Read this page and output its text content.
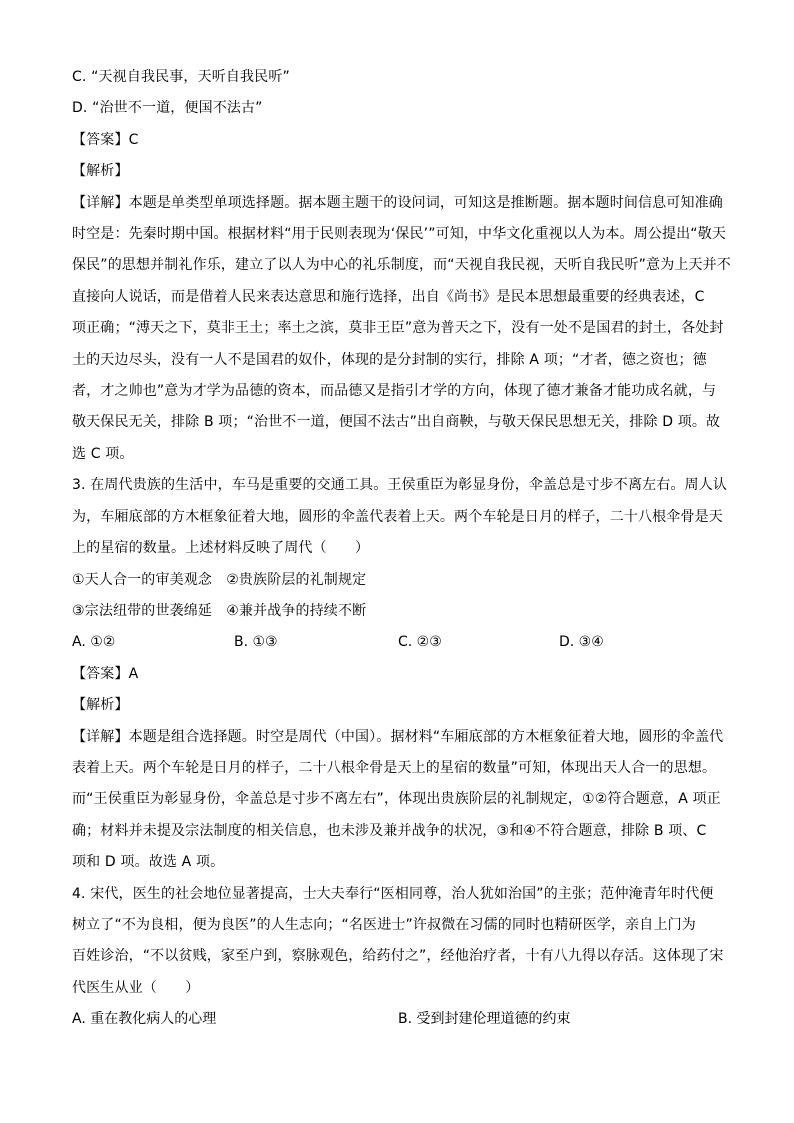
C. “天视自我民事，天听自我民听”
D. “治世不一道，便国不法古”
【答案】C
【解析】
【详解】本题是单类型单项选择题。据本题主题干的设问词，可知这是推断题。据本题时间信息可知准确
时空是：先秦时期中国。根据材料“用于民则表现为‘保民’”可知，中华文化重视以人为本。周公提出“敬天
保民”的思想并制礼作乐，建立了以人为中心的礼乐制度，而“天视自我民视，天听自我民听”意为上天并不
直接向人说话，而是借着人民来表达意思和施行选择，出自《尚书》是民本思想最重要的经典表述，C
项正确；“溥天之下，莫非王土；率土之滨，莫非王臣”意为普天之下，没有一处不是国君的封土，各处封
土的天边尽头，没有一人不是国君的奴仆，体现的是分封制的实行，排除 A 项；“才者，德之资也；德
者，才之帅也”意为才学为品德的资本，而品德又是指引才学的方向，体现了德才兼备才能功成名就，与
敬天保民无关，排除 B 项；“治世不一道，便国不法古”出自商鞅，与敬天保民思想无关，排除 D 项。故
选 C 项。
3. 在周代贵族的生活中，车马是重要的交通工具。王侯重臣为彰显身份，伞盖总是寸步不离左右。周人认
为，车厢底部的方木框象征着大地，圆形的伞盖代表着上天。两个车轮是日月的样子，二十八根伞骨是天
上的星宿的数量。上述材料反映了周代（　　）
①天人合一的审美观念　②贵族阶层的礼制规定
③宗法纽带的世袭绵延　④兼并战争的持续不断
A. ①②	B. ①③	C. ②③	D. ③④
【答案】A
【解析】
【详解】本题是组合选择题。时空是周代（中国）。据材料“车厢底部的方木框象征着大地，圆形的伞盖代
表着上天。两个车轮是日月的样子，二十八根伞骨是天上的星宿的数量”可知，体现出天人合一的思想。
而“王侯重臣为彰显身份，伞盖总是寸步不离左右”，体现出贵族阶层的礼制规定，①②符合题意，A 项正
确；材料并未提及宗法制度的相关信息，也未涉及兼并战争的状况，③和④不符合题意，排除 B 项、C
项和 D 项。故选 A 项。
4. 宋代，医生的社会地位显著提高，士大夫奉行“医相同尊，治人犹如治国”的主张；范仲淹青年时代便
树立了“不为良相，便为良医”的人生志向；“名医进士”许叔微在习儒的同时也精研医学，亲自上门为
百姓诊治，“不以贫贱，家至户到，察脉观色，给药付之”，经他治疗者，十有八九得以存活。这体现了宋
代医生从业（　　）
A. 重在教化病人的心理	B. 受到封建伦理道德的约束
